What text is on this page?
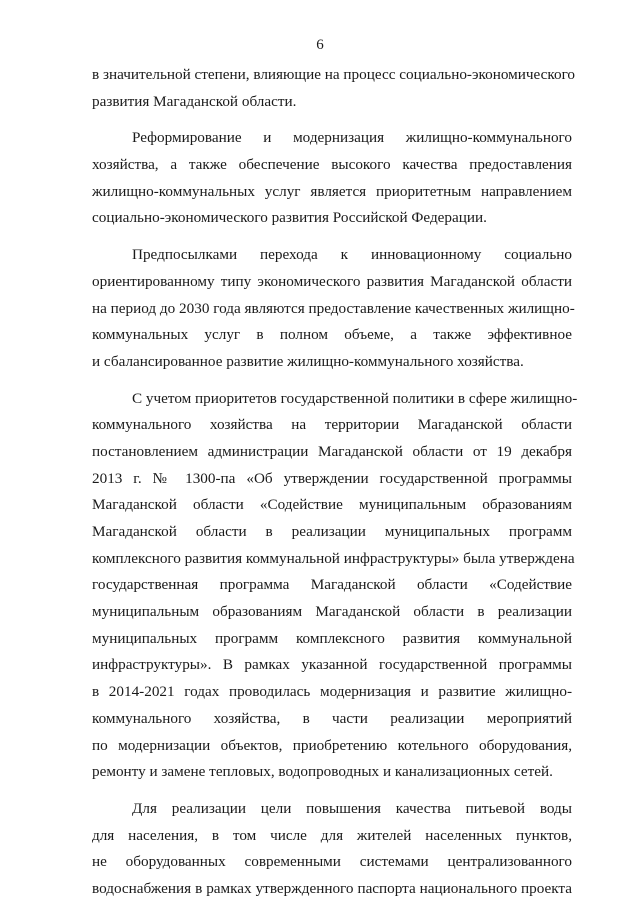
6
в значительной степени, влияющие на процесс социально-экономического
развития Магаданской области.
Реформирование и модернизация жилищно-коммунального
хозяйства, а также обеспечение высокого качества предоставления
жилищно-коммунальных услуг является приоритетным направлением
социально-экономического развития Российской Федерации.
Предпосылками перехода к инновационному социально
ориентированному типу экономического развития Магаданской области
на период до 2030 года являются предоставление качественных жилищно-
коммунальных услуг в полном объеме, а также эффективное
и сбалансированное развитие жилищно-коммунального хозяйства.
С учетом приоритетов государственной политики в сфере жилищно-
коммунального хозяйства на территории Магаданской области
постановлением администрации Магаданской области от 19 декабря
2013 г. № 1300-па «Об утверждении государственной программы
Магаданской области «Содействие муниципальным образованиям
Магаданской области в реализации муниципальных программ
комплексного развития коммунальной инфраструктуры» была утверждена
государственная программа Магаданской области «Содействие
муниципальным образованиям Магаданской области в реализации
муниципальных программ комплексного развития коммунальной
инфраструктуры». В рамках указанной государственной программы
в 2014-2021 годах проводилась модернизация и развитие жилищно-
коммунального хозяйства, в части реализации мероприятий
по модернизации объектов, приобретению котельного оборудования,
ремонту и замене тепловых, водопроводных и канализационных сетей.
Для реализации цели повышения качества питьевой воды
для населения, в том числе для жителей населенных пунктов,
не оборудованных современными системами централизованного
водоснабжения в рамках утвержденного паспорта национального проекта
